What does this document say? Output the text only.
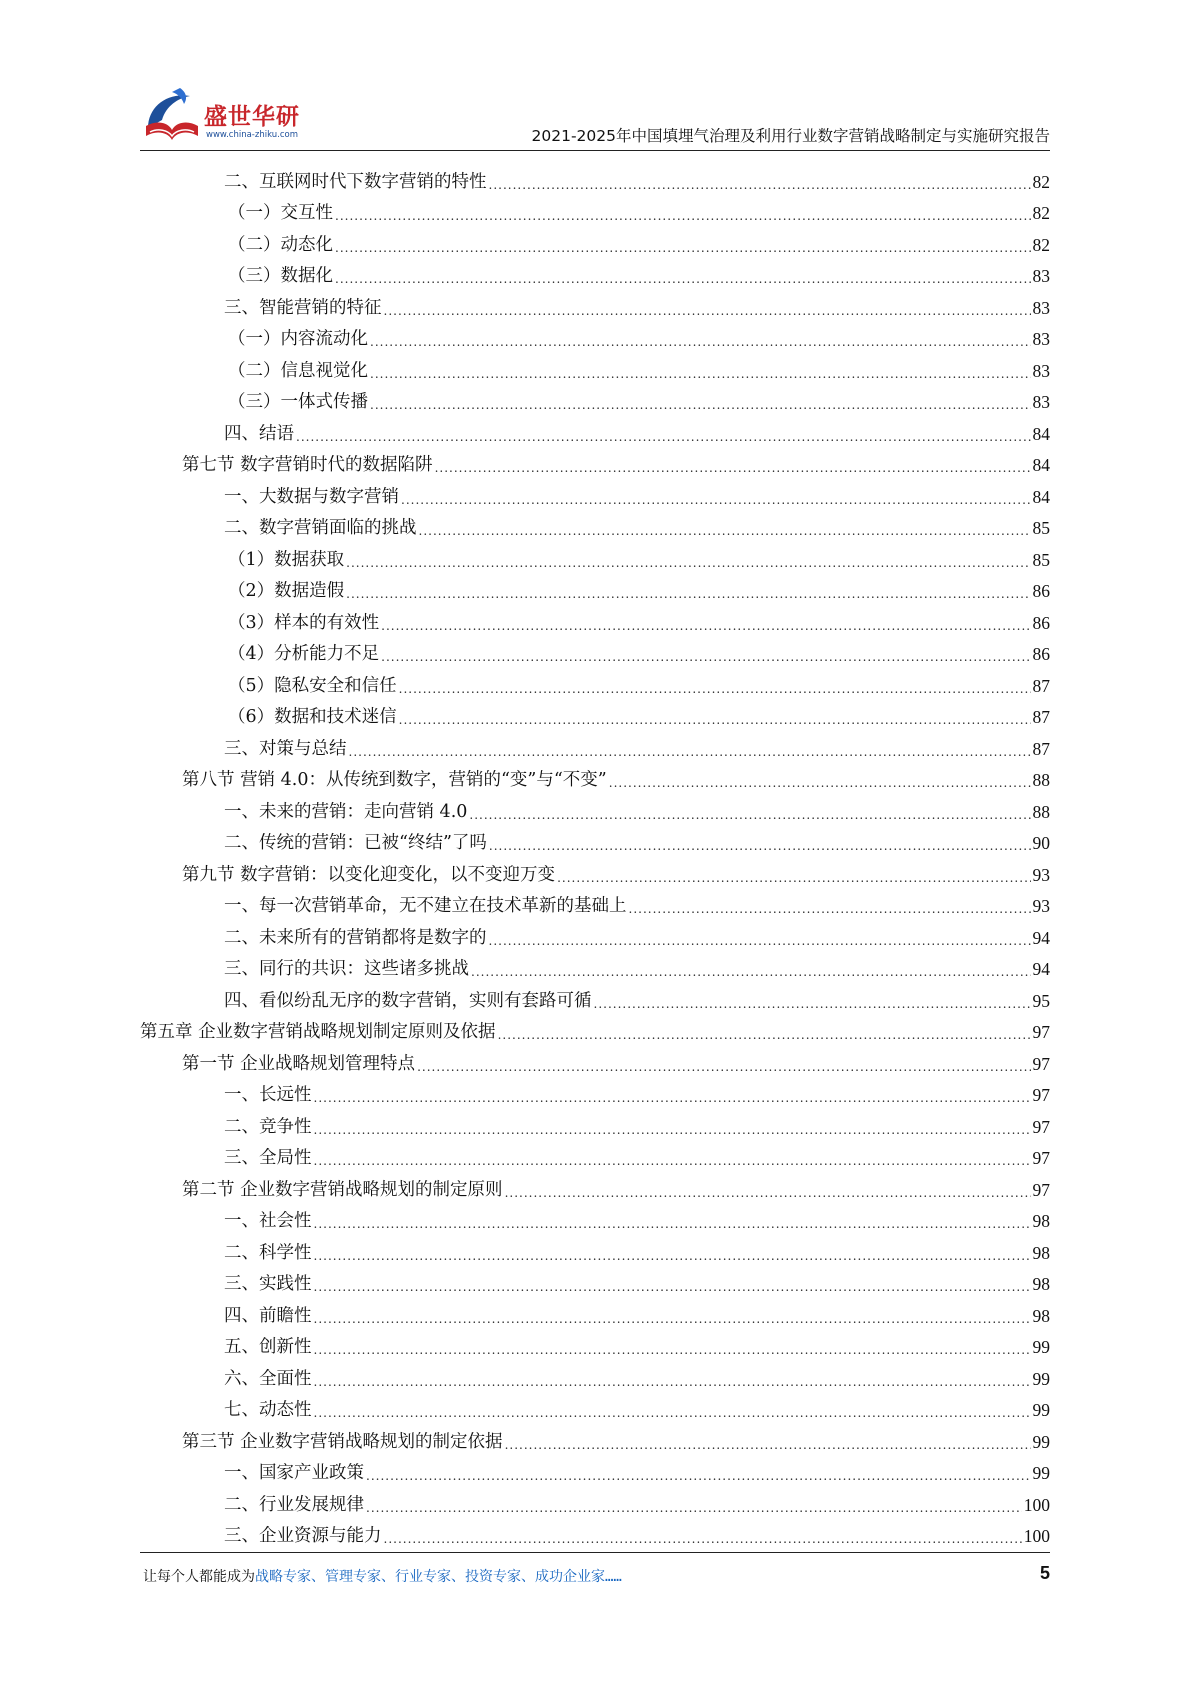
盛世华研
www.china-zhiku.com	2021-2025年中国填埋气治理及利用行业数字营销战略制定与实施研究报告
二、互联网时代下数字营销的特性 .....	82
（一）交互性 .....	82
（二）动态化 .....	82
（三）数据化 .....	83
三、智能营销的特征 .....	83
（一）内容流动化 .....	83
（二）信息视觉化 .....	83
（三）一体式传播 .....	83
四、结语 .....	84
第七节 数字营销时代的数据陷阱 .....	84
一、大数据与数字营销 .....	84
二、数字营销面临的挑战 .....	85
（1）数据获取 .....	85
（2）数据造假 .....	86
（3）样本的有效性 .....	86
（4）分析能力不足 .....	86
（5）隐私安全和信任 .....	87
（6）数据和技术迷信 .....	87
三、对策与总结 .....	87
第八节 营销 4.0：从传统到数字，营销的“变”与“不变” .....	88
一、未来的营销：走向营销 4.0 .....	88
二、传统的营销：已被“终结”了吗 .....	90
第九节 数字营销：以变化迎变化，以不变迎万变 .....	93
一、每一次营销革命，无不建立在技术革新的基础上 .....	93
二、未来所有的营销都将是数字的 .....	94
三、同行的共识：这些诸多挑战 .....	94
四、看似纷乱无序的数字营销，实则有套路可循 .....	95
第五章 企业数字营销战略规划制定原则及依据 .....	97
第一节 企业战略规划管理特点 .....	97
一、长远性 .....	97
二、竞争性 .....	97
三、全局性 .....	97
第二节 企业数字营销战略规划的制定原则 .....	97
一、社会性 .....	98
二、科学性 .....	98
三、实践性 .....	98
四、前瞻性 .....	98
五、创新性 .....	99
六、全面性 .....	99
七、动态性 .....	99
第三节 企业数字营销战略规划的制定依据 .....	99
一、国家产业政策 .....	99
二、行业发展规律 .....	100
三、企业资源与能力 .....	100
让每个人都能成为战略专家、管理专家、行业专家、投资专家、成功企业家……	5
